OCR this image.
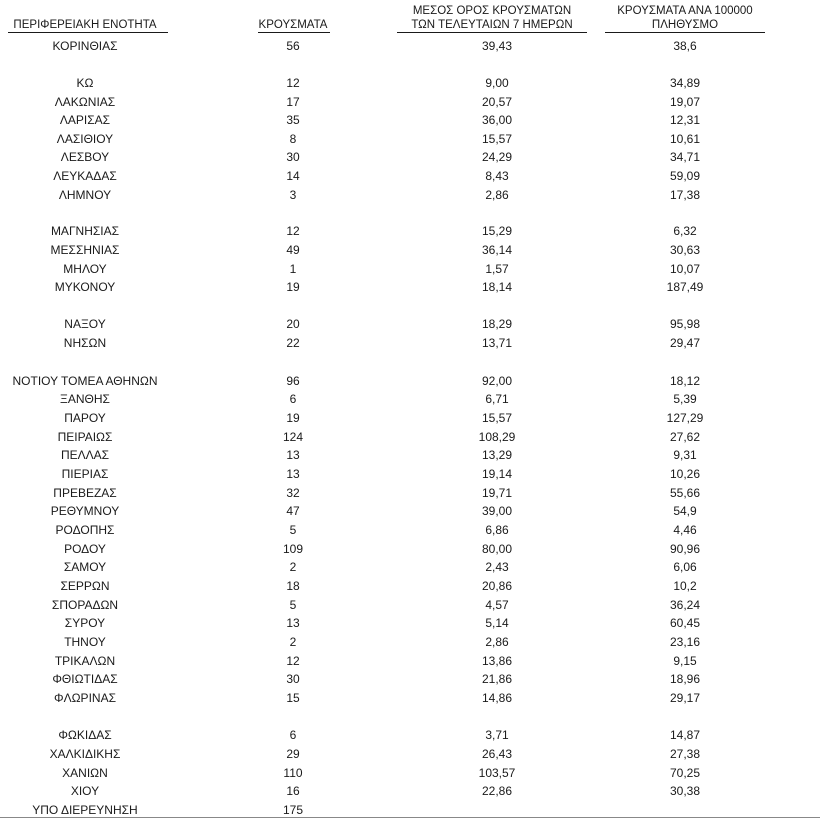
ΠΕΡΙΦΕΡΕΙΑΚΗ ΕΝΟΤΗΤΑ	ΚΡΟΥΣΜΑΤΑ
ΜΕΣΟΣ ΟΡΟΣ ΚΡΟΥΣΜΑΤΩΝ
ΤΩΝ ΤΕΛΕΥΤΑΙΩΝ 7 ΗΜΕΡΩΝ
ΚΡΟΥΣΜΑΤΑ ΑΝΑ 100000
ΠΛΗΘΥΣΜΟ
ΚΟΡΙΝΘΙΑΣ	56	39,43	38,6
ΚΩ	12	9,00	34,89
ΛΑΚΩΝΙΑΣ	17	20,57	19,07
ΛΑΡΙΣΑΣ	35	36,00	12,31
ΛΑΣΙΘΙΟΥ	8	15,57	10,61
ΛΕΣΒΟΥ	30	24,29	34,71
ΛΕΥΚΑΔΑΣ	14	8,43	59,09
ΛΗΜΝΟΥ	3	2,86	17,38
ΜΑΓΝΗΣΙΑΣ	12	15,29	6,32
ΜΕΣΣΗΝΙΑΣ	49	36,14	30,63
ΜΗΛΟΥ	1	1,57	10,07
ΜΥΚΟΝΟΥ	19	18,14	187,49
ΝΑΞΟΥ	20	18,29	95,98
ΝΗΣΩΝ	22	13,71	29,47
ΝΟΤΙΟΥ ΤΟΜΕΑ ΑΘΗΝΩΝ	96	92,00	18,12
ΞΑΝΘΗΣ	6	6,71	5,39
ΠΑΡΟΥ	19	15,57	127,29
ΠΕΙΡΑΙΩΣ	124	108,29	27,62
ΠΕΛΛΑΣ	13	13,29	9,31
ΠΙΕΡΙΑΣ	13	19,14	10,26
ΠΡΕΒΕΖΑΣ	32	19,71	55,66
ΡΕΘΥΜΝΟΥ	47	39,00	54,9
ΡΟΔΟΠΗΣ	5	6,86	4,46
ΡΟΔΟΥ	109	80,00	90,96
ΣΑΜΟΥ	2	2,43	6,06
ΣΕΡΡΩΝ	18	20,86	10,2
ΣΠΟΡΑΔΩΝ	5	4,57	36,24
ΣΥΡΟΥ	13	5,14	60,45
ΤΗΝΟΥ	2	2,86	23,16
ΤΡΙΚΑΛΩΝ	12	13,86	9,15
ΦΘΙΩΤΙΔΑΣ	30	21,86	18,96
ΦΛΩΡΙΝΑΣ	15	14,86	29,17
ΦΩΚΙΔΑΣ	6	3,71	14,87
ΧΑΛΚΙΔΙΚΗΣ	29	26,43	27,38
ΧΑΝΙΩΝ	110	103,57	70,25
ΧΙΟΥ	16	22,86	30,38
ΥΠΟ ΔΙΕΡΕΥΝΗΣΗ	175
